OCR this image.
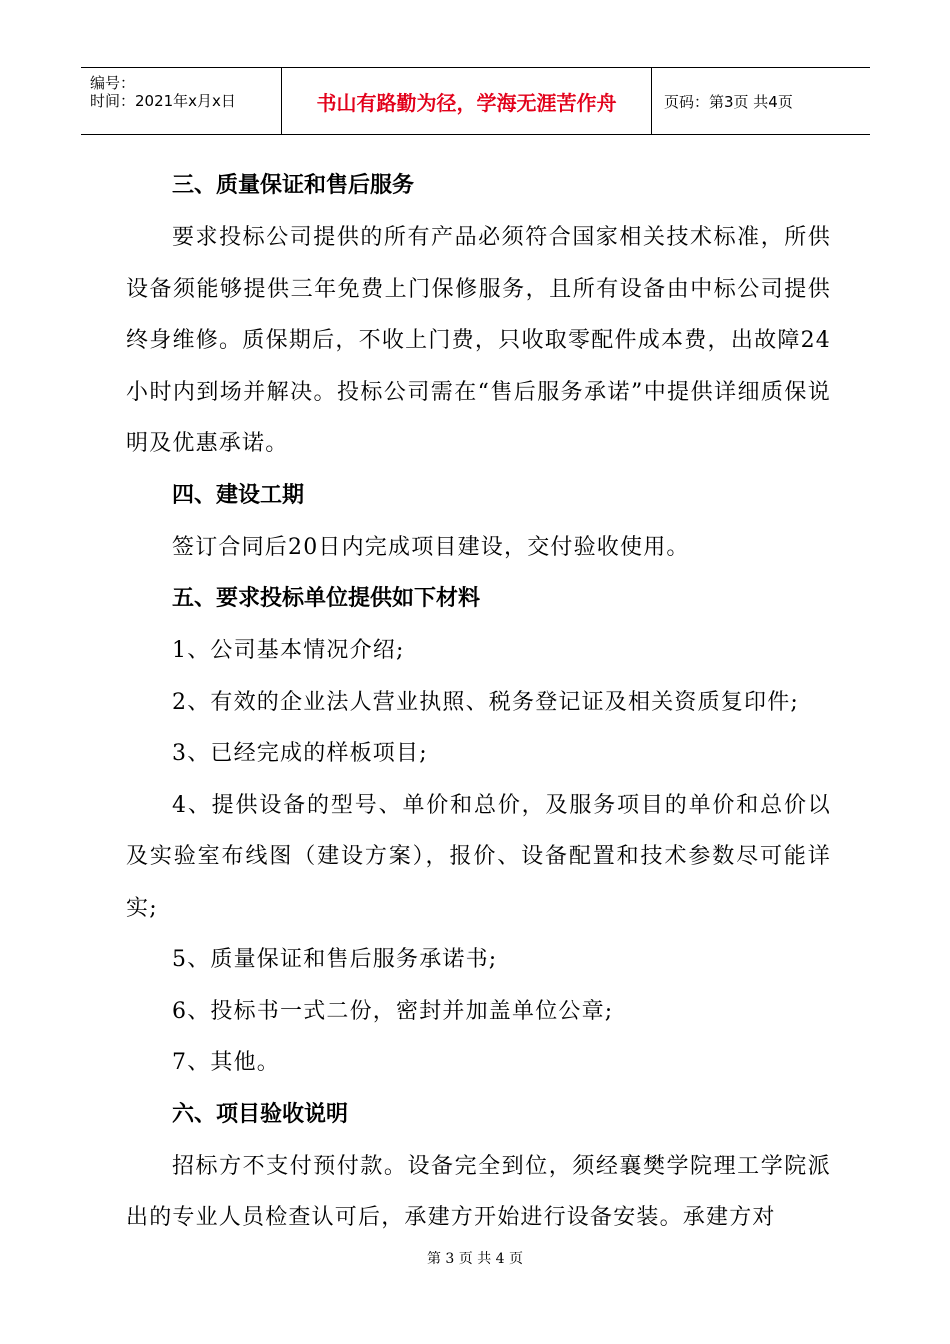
编号：
时间：2021年x月x日	书山有路勤为径，学海无涯苦作舟	页码：第3页 共4页
三、质量保证和售后服务

要求投标公司提供的所有产品必须符合国家相关技术标准，所供设备须能够提供三年免费上门保修服务，且所有设备由中标公司提供终身维修。质保期后，不收上门费，只收取零配件成本费，出故障24小时内到场并解决。投标公司需在“售后服务承诺”中提供详细质保说明及优惠承诺。

四、建设工期

签订合同后20日内完成项目建设，交付验收使用。

五、要求投标单位提供如下材料

1、公司基本情况介绍;

2、有效的企业法人营业执照、税务登记证及相关资质复印件;

3、已经完成的样板项目;

4、提供设备的型号、单价和总价，及服务项目的单价和总价以及实验室布线图（建设方案），报价、设备配置和技术参数尽可能详实;

5、质量保证和售后服务承诺书;

6、投标书一式二份，密封并加盖单位公章;

7、其他。

六、项目验收说明

招标方不支付预付款。设备完全到位，须经襄樊学院理工学院派出的专业人员检查认可后，承建方开始进行设备安装。承建方对

第 3 页 共 4 页
